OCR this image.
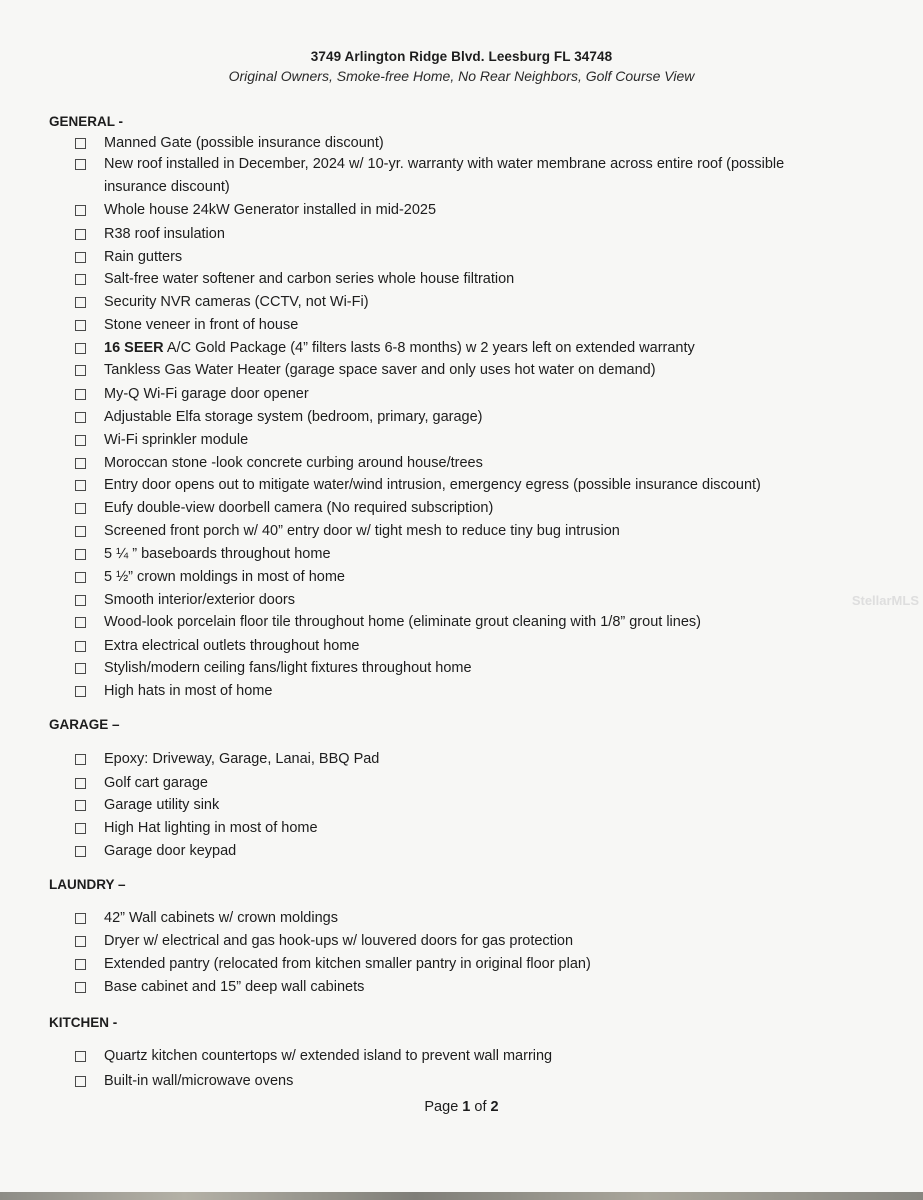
3749 Arlington Ridge Blvd. Leesburg FL 34748
Original Owners, Smoke-free Home, No Rear Neighbors, Golf Course View
GENERAL -
Manned Gate (possible insurance discount)
New roof installed in December, 2024 w/ 10-yr. warranty with water membrane across entire roof (possible insurance discount)
Whole house 24kW Generator installed in mid-2025
R38 roof insulation
Rain gutters
Salt-free water softener and carbon series whole house filtration
Security NVR cameras (CCTV, not Wi-Fi)
Stone veneer in front of house
16 SEER A/C Gold Package (4” filters lasts 6-8 months) w 2 years left on extended warranty
Tankless Gas Water Heater (garage space saver and only uses hot water on demand)
My-Q Wi-Fi garage door opener
Adjustable Elfa storage system (bedroom, primary, garage)
Wi-Fi sprinkler module
Moroccan stone -look concrete curbing around house/trees
Entry door opens out to mitigate water/wind intrusion, emergency egress (possible insurance discount)
Eufy double-view doorbell camera (No required subscription)
Screened front porch w/ 40” entry door w/ tight mesh to reduce tiny bug intrusion
5 ¼ ” baseboards throughout home
5 ½” crown moldings in most of home
Smooth interior/exterior doors
Wood-look porcelain floor tile throughout home (eliminate grout cleaning with 1/8” grout lines)
Extra electrical outlets throughout home
Stylish/modern ceiling fans/light fixtures throughout home
High hats in most of home
GARAGE –
Epoxy: Driveway, Garage, Lanai, BBQ Pad
Golf cart garage
Garage utility sink
High Hat lighting in most of home
Garage door keypad
LAUNDRY –
42” Wall cabinets w/ crown moldings
Dryer w/ electrical and gas hook-ups w/ louvered doors for gas protection
Extended pantry (relocated from kitchen smaller pantry in original floor plan)
Base cabinet and 15” deep wall cabinets
KITCHEN -
Quartz kitchen countertops w/ extended island to prevent wall marring
Built-in wall/microwave ovens
Page 1 of 2
StellarMLS
